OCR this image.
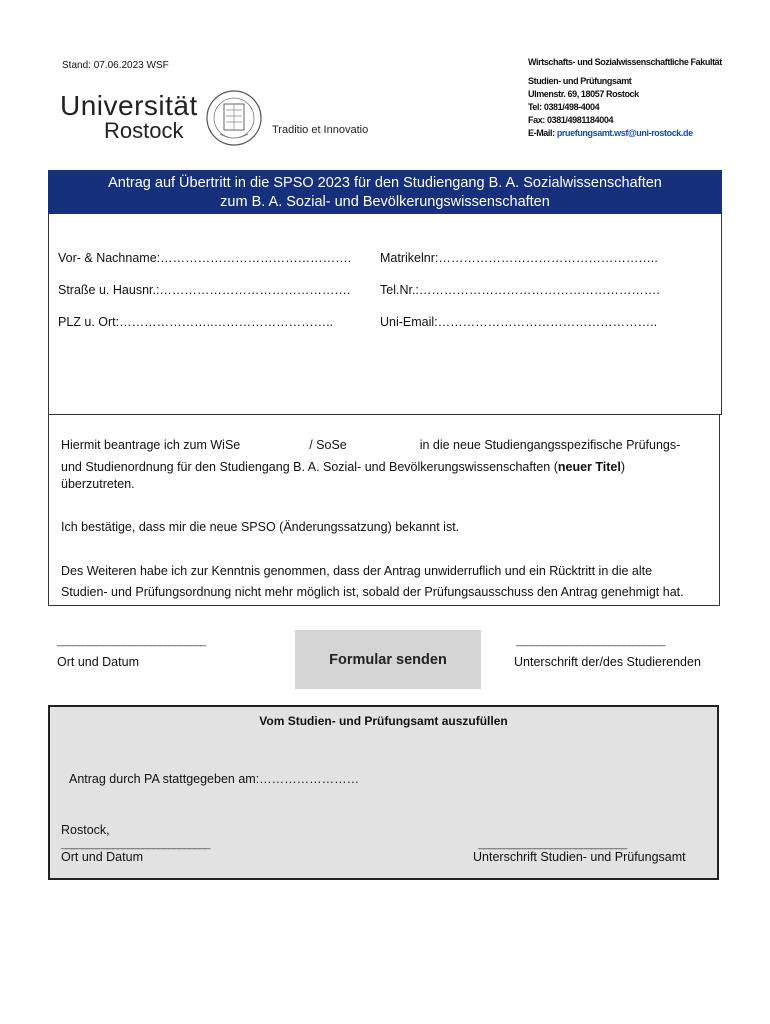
Stand: 07.06.2023 WSF
Universität
Rostock	Traditio et Innovatio
Wirtschafts- und Sozialwissenschaftliche Fakultät
Studien- und Prüfungsamt
Ulmenstr. 69, 18057 Rostock
Tel: 0381/498-4004
Fax: 0381/4981184004
E-Mail: pruefungsamt.wsf@uni-rostock.de
Antrag auf Übertritt in die SPSO 2023 für den Studiengang B. A. Sozialwissenschaften
zum B. A. Sozial- und Bevölkerungswissenschaften
Vor- & Nachname:………………………………………. Matrikelnr:……………………………………………..
Straße u. Hausnr.:………………………………………. Tel.Nr.:………………………………………………….
PLZ u. Ort:…………………..………………………..	Uni-Email:……………………………………………..
Hiermit beantrage ich zum WiSe	/ SoSe	in die neue Studiengangsspezifische Prüfungs-
und Studienordnung für den Studiengang B. A. Sozial- und Bevölkerungswissenschaften (neuer Titel)
überzutreten.
Ich bestätige, dass mir die neue SPSO (Änderungssatzung) bekannt ist.
Des Weiteren habe ich zur Kenntnis genommen, dass der Antrag unwiderruflich und ein Rücktritt in die alte
Studien- und Prüfungsordnung nicht mehr möglich ist, sobald der Prüfungsausschuss den Antrag genehmigt hat.
_____________________________
Ort und Datum	Formular senden
_____________________________
Unterschrift der/des Studierenden
Vom Studien- und Prüfungsamt auszufüllen
Antrag durch PA stattgegeben am:……………………
Rostock,
_____________________________
Ort und Datum
_____________________________
Unterschrift Studien- und Prüfungsamt
